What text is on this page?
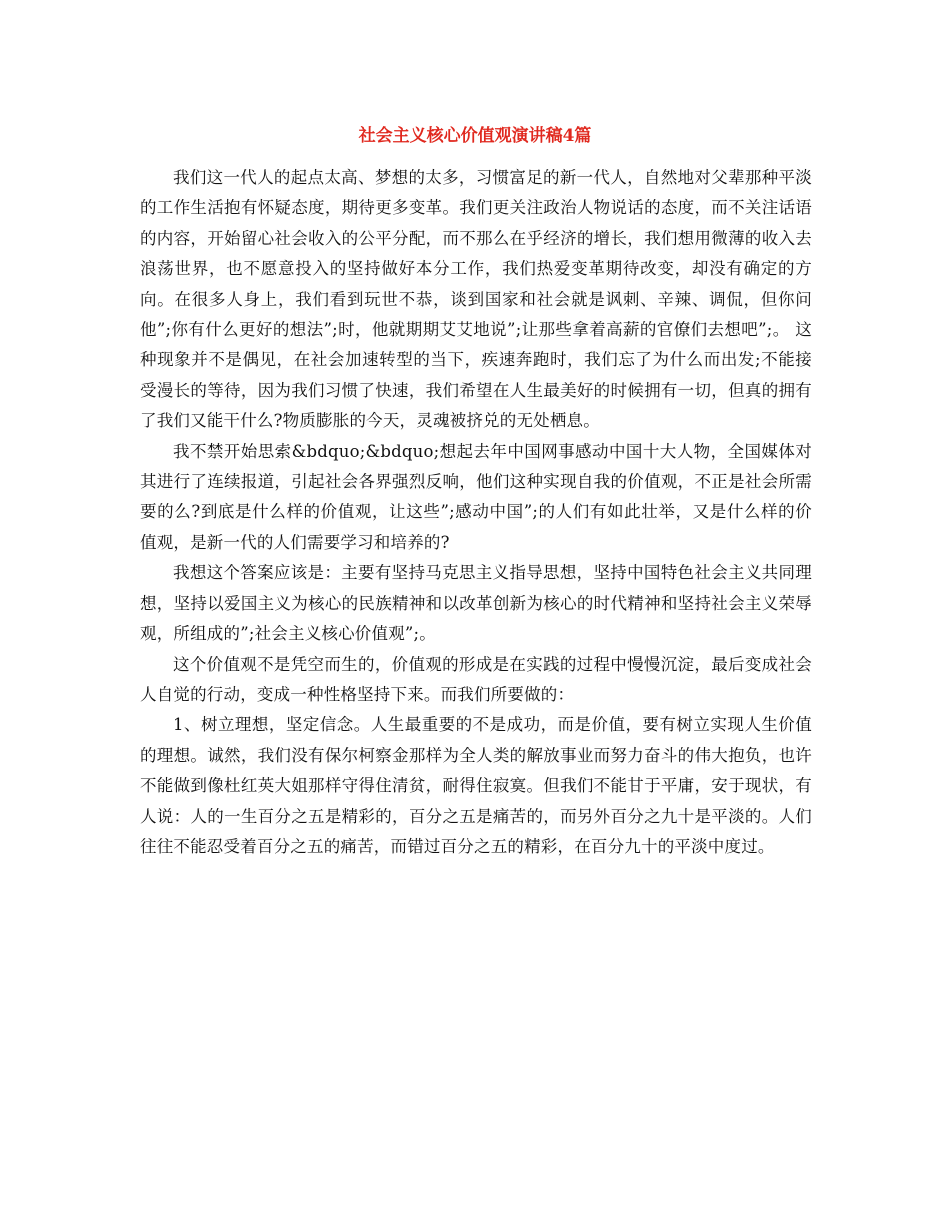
社会主义核心价值观演讲稿4篇

我们这一代人的起点太高、梦想的太多，习惯富足的新一代人，自然地对父辈那种平淡的工作生活抱有怀疑态度，期待更多变革。我们更关注政治人物说话的态度，而不关注话语的内容，开始留心社会收入的公平分配，而不那么在乎经济的增长，我们想用微薄的收入去浪荡世界，也不愿意投入的坚持做好本分工作，我们热爱变革期待改变，却没有确定的方向。在很多人身上，我们看到玩世不恭，谈到国家和社会就是讽刺、辛辣、调侃，但你问他”;你有什么更好的想法”;时，他就期期艾艾地说”;让那些拿着高薪的官僚们去想吧”;。 这种现象并不是偶见，在社会加速转型的当下，疾速奔跑时，我们忘了为什么而出发;不能接受漫长的等待，因为我们习惯了快速，我们希望在人生最美好的时候拥有一切，但真的拥有了我们又能干什么?物质膨胀的今天，灵魂被挤兑的无处栖息。

我不禁开始思索&bdquo;&bdquo;想起去年中国网事感动中国十大人物，全国媒体对其进行了连续报道，引起社会各界强烈反响，他们这种实现自我的价值观，不正是社会所需要的么?到底是什么样的价值观，让这些”;感动中国”;的人们有如此壮举，又是什么样的价值观，是新一代的人们需要学习和培养的?

我想这个答案应该是：主要有坚持马克思主义指导思想，坚持中国特色社会主义共同理想，坚持以爱国主义为核心的民族精神和以改革创新为核心的时代精神和坚持社会主义荣辱观，所组成的”;社会主义核心价值观”;。

这个价值观不是凭空而生的，价值观的形成是在实践的过程中慢慢沉淀，最后变成社会人自觉的行动，变成一种性格坚持下来。而我们所要做的：

1、树立理想，坚定信念。人生最重要的不是成功，而是价值，要有树立实现人生价值的理想。诚然，我们没有保尔柯察金那样为全人类的解放事业而努力奋斗的伟大抱负，也许不能做到像杜红英大姐那样守得住清贫，耐得住寂寞。但我们不能甘于平庸，安于现状，有人说：人的一生百分之五是精彩的，百分之五是痛苦的，而另外百分之九十是平淡的。人们往往不能忍受着百分之五的痛苦，而错过百分之五的精彩，在百分九十的平淡中度过。
